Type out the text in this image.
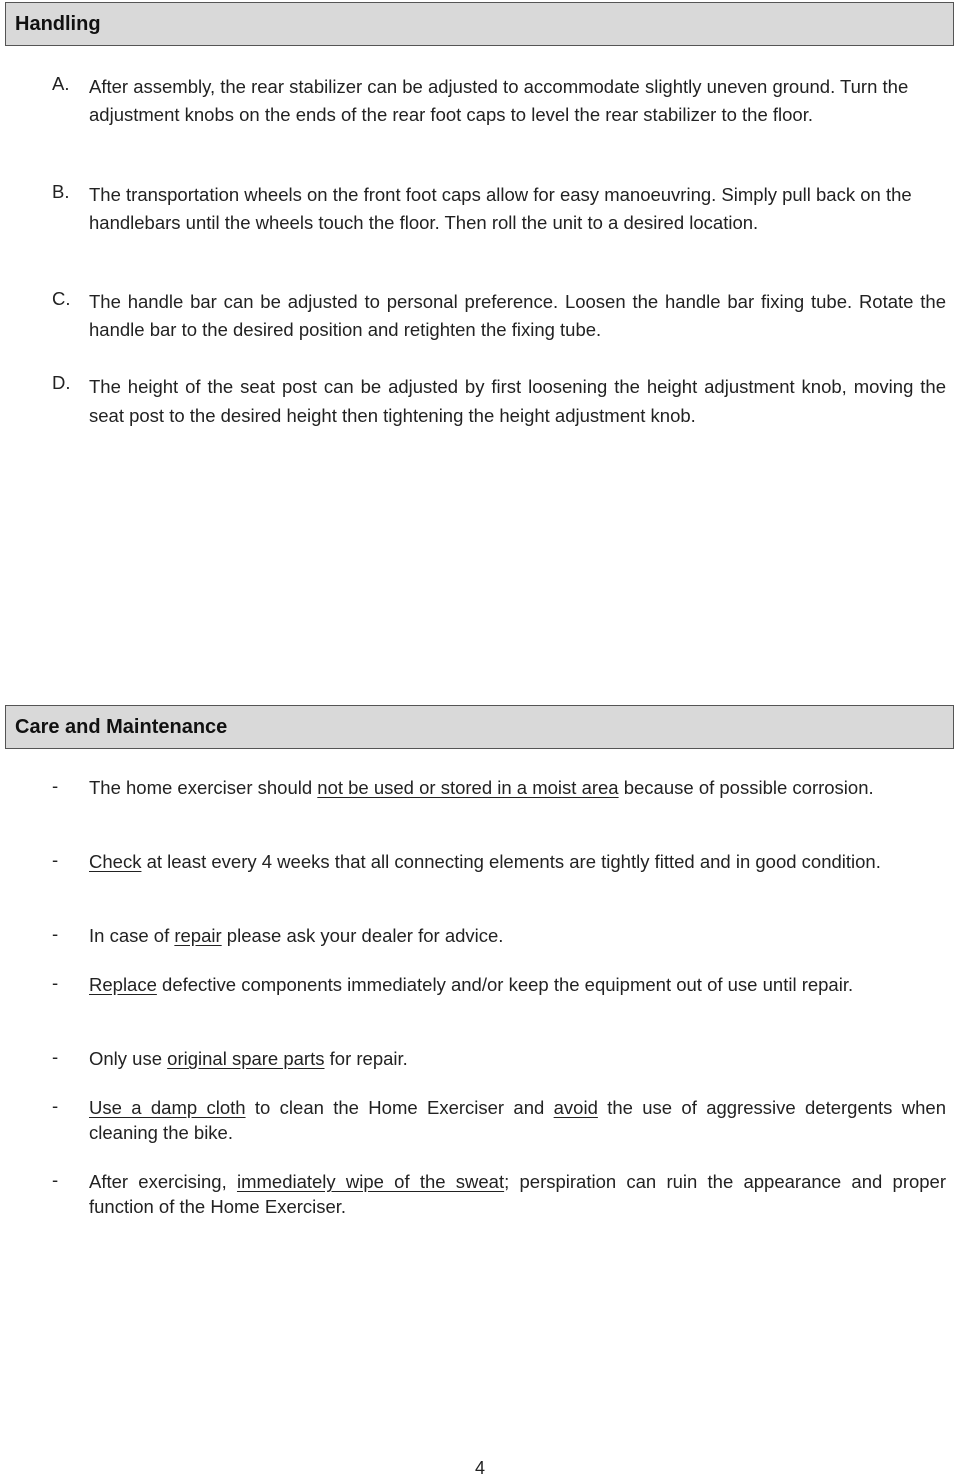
Handling
A. After assembly, the rear stabilizer can be adjusted to accommodate slightly uneven ground. Turn the adjustment knobs on the ends of the rear foot caps to level the rear stabilizer to the floor.
B. The transportation wheels on the front foot caps allow for easy manoeuvring. Simply pull back on the handlebars until the wheels touch the floor. Then roll the unit to a desired location.
C. The handle bar can be adjusted to personal preference. Loosen the handle bar fixing tube. Rotate the handle bar to the desired position and retighten the fixing tube.
D. The height of the seat post can be adjusted by first loosening the height adjustment knob, moving the seat post to the desired height then tightening the height adjustment knob.
Care and Maintenance
- The home exerciser should not be used or stored in a moist area because of possible corrosion.
- Check at least every 4 weeks that all connecting elements are tightly fitted and in good condition.
- In case of repair please ask your dealer for advice.
- Replace defective components immediately and/or keep the equipment out of use until repair.
- Only use original spare parts for repair.
- Use a damp cloth to clean the Home Exerciser and avoid the use of aggressive detergents when cleaning the bike.
- After exercising, immediately wipe of the sweat; perspiration can ruin the appearance and proper function of the Home Exerciser.
4
